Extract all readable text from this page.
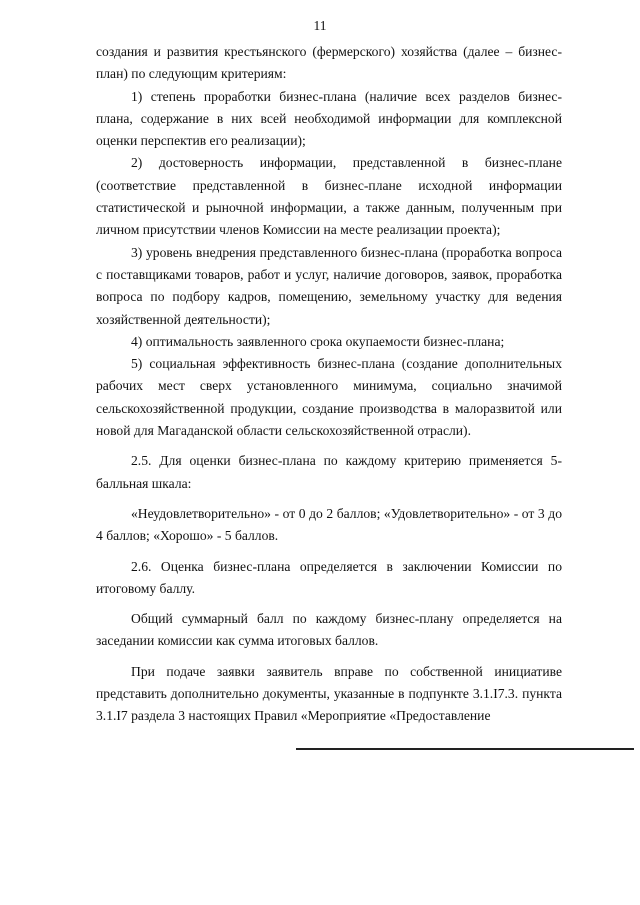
11

создания и развития крестьянского (фермерского) хозяйства (далее – бизнес-план) по следующим критериям:

1) степень проработки бизнес-плана (наличие всех разделов бизнес-плана, содержание в них всей необходимой информации для комплексной оценки перспектив его реализации);

2) достоверность информации, представленной в бизнес-плане (соответствие представленной в бизнес-плане исходной информации статистической и рыночной информации, а также данным, полученным при личном присутствии членов Комиссии на месте реализации проекта);

3) уровень внедрения представленного бизнес-плана (проработка вопроса с поставщиками товаров, работ и услуг, наличие договоров, заявок, проработка вопроса по подбору кадров, помещению, земельному участку для ведения хозяйственной деятельности);

4) оптимальность заявленного срока окупаемости бизнес-плана;

5) социальная эффективность бизнес-плана (создание дополнительных рабочих мест сверх установленного минимума, социально значимой сельскохозяйственной продукции, создание производства в малоразвитой или новой для Магаданской области сельскохозяйственной отрасли).

2.5. Для оценки бизнес-плана по каждому критерию применяется 5-балльная шкала:

«Неудовлетворительно» - от 0 до 2 баллов; «Удовлетворительно» - от 3 до 4 баллов; «Хорошо» - 5 баллов.

2.6. Оценка бизнес-плана определяется в заключении Комиссии по итоговому баллу.

Общий суммарный балл по каждому бизнес-плану определяется на заседании комиссии как сумма итоговых баллов.

При подаче заявки заявитель вправе по собственной инициативе представить дополнительно документы, указанные в подпункте 3.1.I7.3. пункта 3.1.I7 раздела 3 настоящих Правил «Мероприятие «Предоставление
